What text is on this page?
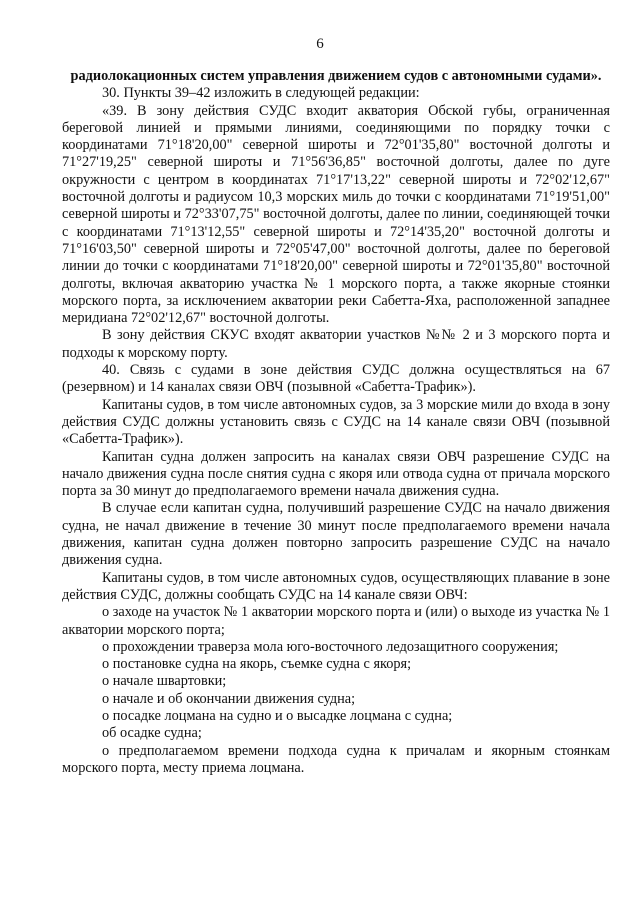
6
радиолокационных систем управления движением судов с автономными судами».

30. Пункты 39–42 изложить в следующей редакции:

«39. В зону действия СУДС входит акватория Обской губы, ограниченная береговой линией и прямыми линиями, соединяющими по порядку точки с координатами 71°18'20,00" северной широты и 72°01'35,80" восточной долготы и 71°27'19,25" северной широты и 71°56'36,85" восточной долготы, далее по дуге окружности с центром в координатах 71°17'13,22" северной широты и 72°02'12,67" восточной долготы и радиусом 10,3 морских миль до точки с координатами 71°19'51,00" северной широты и 72°33'07,75" восточной долготы, далее по линии, соединяющей точки с координатами 71°13'12,55" северной широты и 72°14'35,20" восточной долготы и 71°16'03,50" северной широты и 72°05'47,00" восточной долготы, далее по береговой линии до точки с координатами 71°18'20,00" северной широты и 72°01'35,80" восточной долготы, включая акваторию участка № 1 морского порта, а также якорные стоянки морского порта, за исключением акватории реки Сабетта-Яха, расположенной западнее меридиана 72°02'12,67" восточной долготы.

В зону действия СКУС входят акватории участков №№ 2 и 3 морского порта и подходы к морскому порту.

40. Связь с судами в зоне действия СУДС должна осуществляться на 67 (резервном) и 14 каналах связи ОВЧ (позывной «Сабетта-Трафик»).

Капитаны судов, в том числе автономных судов, за 3 морские мили до входа в зону действия СУДС должны установить связь с СУДС на 14 канале связи ОВЧ (позывной «Сабетта-Трафик»).

Капитан судна должен запросить на каналах связи ОВЧ разрешение СУДС на начало движения судна после снятия судна с якоря или отвода судна от причала морского порта за 30 минут до предполагаемого времени начала движения судна.

В случае если капитан судна, получивший разрешение СУДС на начало движения судна, не начал движение в течение 30 минут после предполагаемого времени начала движения, капитан судна должен повторно запросить разрешение СУДС на начало движения судна.

Капитаны судов, в том числе автономных судов, осуществляющих плавание в зоне действия СУДС, должны сообщать СУДС на 14 канале связи ОВЧ:

о заходе на участок № 1 акватории морского порта и (или) о выходе из участка № 1 акватории морского порта;

о прохождении траверза мола юго-восточного ледозащитного сооружения;

о постановке судна на якорь, съемке судна с якоря;

о начале швартовки;

о начале и об окончании движения судна;

о посадке лоцмана на судно и о высадке лоцмана с судна;

об осадке судна;

о предполагаемом времени подхода судна к причалам и якорным стоянкам морского порта, месту приема лоцмана.
